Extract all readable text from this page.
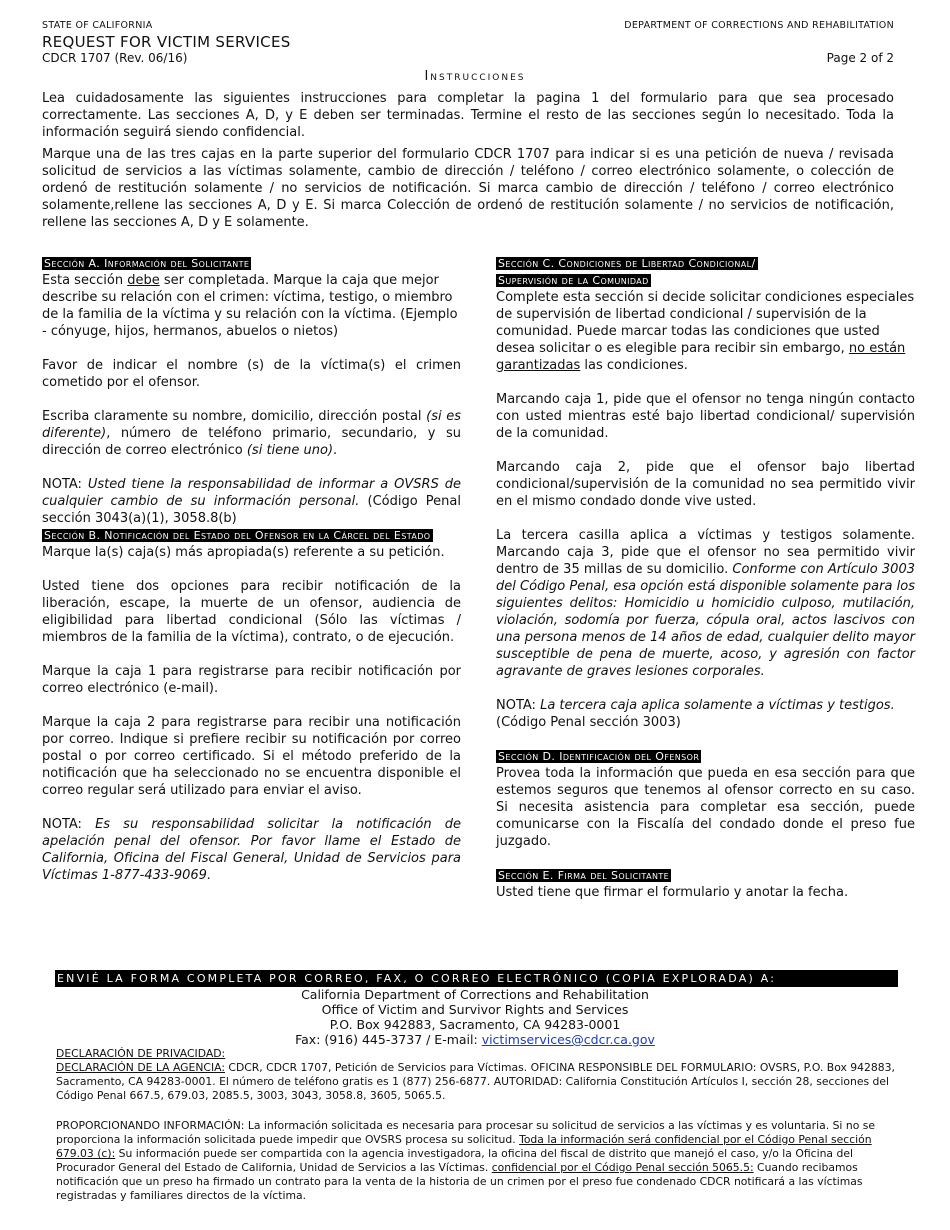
STATE OF CALIFORNIA	DEPARTMENT OF CORRECTIONS AND REHABILITATION
REQUEST FOR VICTIM SERVICES
CDCR 1707 (Rev. 06/16)	Page 2 of 2
Instrucciones
Lea cuidadosamente las siguientes instrucciones para completar la pagina 1 del formulario para que sea procesado correctamente. Las secciones A, D, y E deben ser terminadas. Termine el resto de las secciones según lo necesitado. Toda la información seguirá siendo confidencial.
Marque una de las tres cajas en la parte superior del formulario CDCR 1707 para indicar si es una petición de nueva / revisada solicitud de servicios a las víctimas solamente, cambio de dirección / teléfono / correo electrónico solamente, o colección de ordenó de restitución solamente / no servicios de notificación. Si marca cambio de dirección / teléfono / correo electrónico solamente,rellene las secciones A, D y E. Si marca Colección de ordenó de restitución solamente / no servicios de notificación, rellene las secciones A, D y E solamente.
Sección A. Información del Solicitante

Esta sección debe ser completada. Marque la caja que mejor describe su relación con el crimen: víctima, testigo, o miembro de la familia de la víctima y su relación con la víctima. (Ejemplo - cónyuge, hijos, hermanos, abuelos o nietos)

Favor de indicar el nombre (s) de la víctima(s) el crimen cometido por el ofensor.

Escriba claramente su nombre, domicilio, dirección postal (si es diferente), número de teléfono primario, secundario, y su dirección de correo electrónico (si tiene uno).

NOTA: Usted tiene la responsabilidad de informar a OVSRS de cualquier cambio de su información personal. (Código Penal sección 3043(a)(1), 3058.8(b)

Sección B. Notificación del Estado del Ofensor en la Cárcel del Estado

Marque la(s) caja(s) más apropiada(s) referente a su petición.

Usted tiene dos opciones para recibir notificación de la liberación, escape, la muerte de un ofensor, audiencia de eligibilidad para libertad condicional (Sólo las víctimas / miembros de la familia de la víctima), contrato, o de ejecución.

Marque la caja 1 para registrarse para recibir notificación por correo electrónico (e-mail).

Marque la caja 2 para registrarse para recibir una notificación por correo. Indique si prefiere recibir su notificación por correo postal o por correo certificado. Si el método preferido de la notificación que ha seleccionado no se encuentra disponible el correo regular será utilizado para enviar el aviso.

NOTA: Es su responsabilidad solicitar la notificación de apelación penal del ofensor. Por favor llame el Estado de California, Oficina del Fiscal General, Unidad de Servicios para Víctimas 1-877-433-9069.

Sección C. Condiciones de Libertad Condicional/
Supervisión de la Comunidad

Complete esta sección si decide solicitar condiciones especiales de supervisión de libertad condicional / supervisión de la comunidad. Puede marcar todas las condiciones que usted desea solicitar o es elegible para recibir sin embargo, no están garantizadas las condiciones.

Marcando caja 1, pide que el ofensor no tenga ningún contacto con usted mientras esté bajo libertad condicional/ supervisión de la comunidad.

Marcando caja 2, pide que el ofensor bajo libertad condicional/supervisión de la comunidad no sea permitido vivir en el mismo condado donde vive usted.

La tercera casilla aplica a víctimas y testigos solamente. Marcando caja 3, pide que el ofensor no sea permitido vivir dentro de 35 millas de su domicilio. Conforme con Artículo 3003 del Código Penal, esa opción está disponible solamente para los siguientes delitos: Homicidio u homicidio culposo, mutilación, violación, sodomía por fuerza, cópula oral, actos lascivos con una persona menos de 14 años de edad, cualquier delito mayor susceptible de pena de muerte, acoso, y agresión con factor agravante de graves lesiones corporales.

NOTA: La tercera caja aplica solamente a víctimas y testigos. (Código Penal sección 3003)

Sección D. Identificación del Ofensor

Provea toda la información que pueda en esa sección para que estemos seguros que tenemos al ofensor correcto en su caso. Si necesita asistencia para completar esa sección, puede comunicarse con la Fiscalía del condado donde el preso fue juzgado.

Sección E. Firma del Solicitante

Usted tiene que firmar el formulario y anotar la fecha.

ENVIÉ LA FORMA COMPLETA POR CORREO, FAX, O CORREO ELECTRÓNICO (COPIA EXPLORADA) A:
California Department of Corrections and Rehabilitation
Office of Victim and Survivor Rights and Services
P.O. Box 942883, Sacramento, CA 94283-0001
Fax: (916) 445-3737 / E-mail: victimservices@cdcr.ca.gov
DECLARACIÓN DE PRIVACIDAD:
DECLARACIÓN DE LA AGENCIA: CDCR, CDCR 1707, Petición de Servicios para Víctimas. OFICINA RESPONSIBLE DEL FORMULARIO: OVSRS, P.O. Box 942883, Sacramento, CA 94283-0001. El número de teléfono gratis es 1 (877) 256-6877. AUTORIDAD: California Constitución Artículos I, sección 28, secciones del Código Penal 667.5, 679.03, 2085.5, 3003, 3043, 3058.8, 3605, 5065.5.
PROPORCIONANDO INFORMACIÓN: La información solicitada es necesaria para procesar su solicitud de servicios a las víctimas y es voluntaria. Si no se proporciona la información solicitada puede impedir que OVSRS procesa su solicitud. Toda la información será confidencial por el Código Penal sección 679.03 (c): Su información puede ser compartida con la agencia investigadora, la oficina del fiscal de distrito que manejó el caso, y/o la Oficina del Procurador General del Estado de California, Unidad de Servicios a las Víctimas. confidencial por el Código Penal sección 5065.5: Cuando recibamos notificación que un preso ha firmado un contrato para la venta de la historia de un crimen por el preso fue condenado CDCR notificará a las víctimas registradas y familiares directos de la víctima.
